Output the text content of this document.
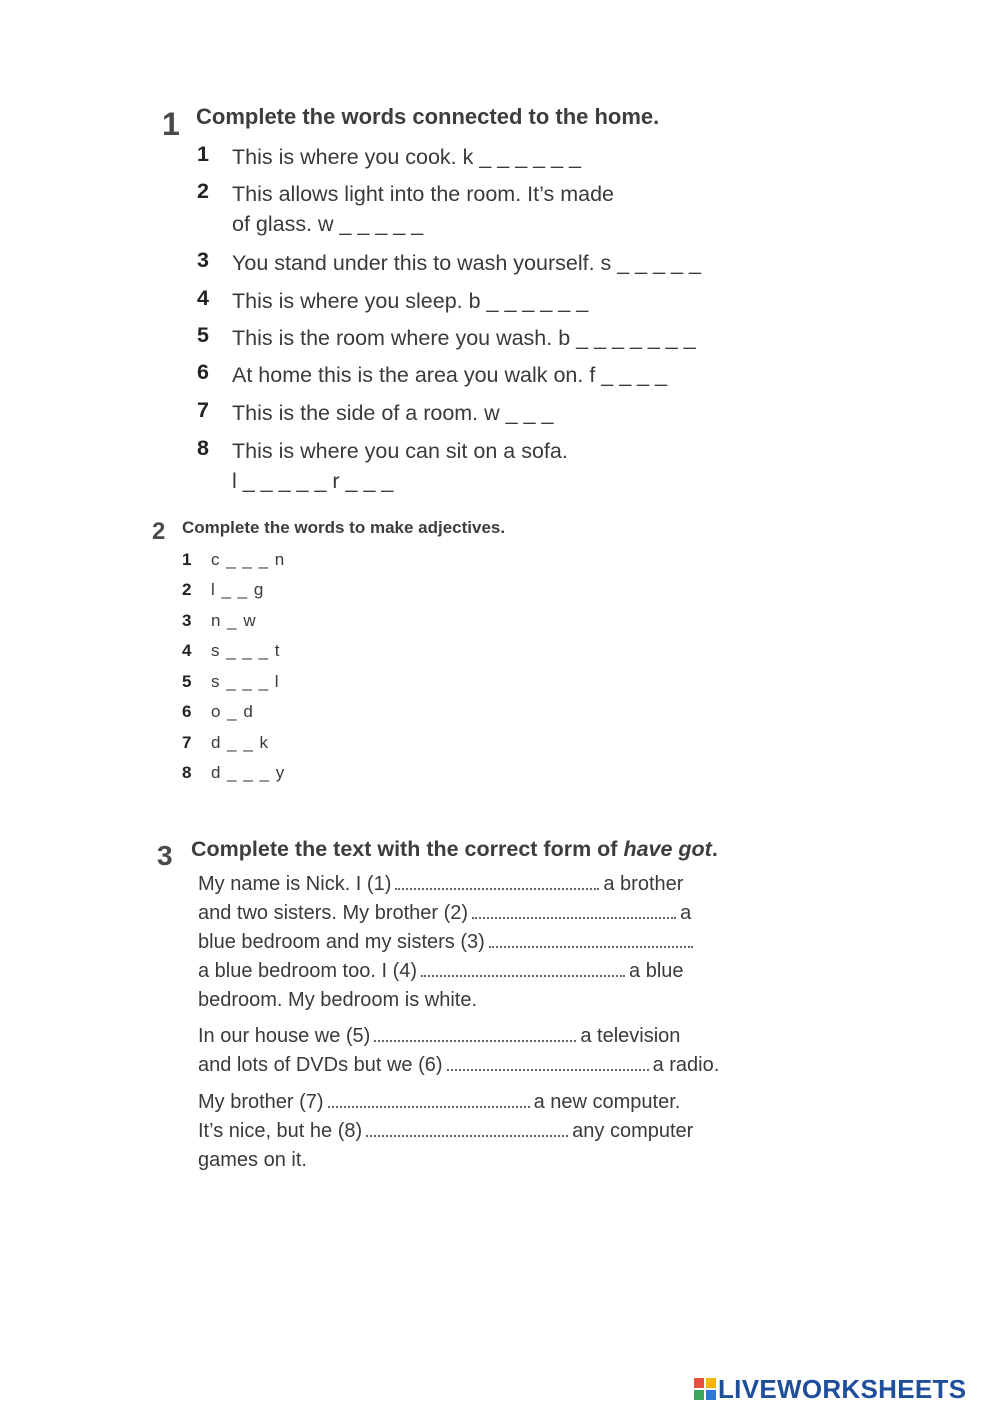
1 Complete the words connected to the home.
1 This is where you cook. k _ _ _ _ _ _
2 This allows light into the room. It’s made
of glass. w _ _ _ _ _
3 You stand under this to wash yourself. s _ _ _ _ _
4 This is where you sleep. b _ _ _ _ _ _
5 This is the room where you wash. b _ _ _ _ _ _ _
6 At home this is the area you walk on. f _ _ _ _
7 This is the side of a room. w _ _ _
8 This is where you can sit on a sofa.
l _ _ _ _ _ r _ _ _
2 Complete the words to make adjectives.
1 c _ _ _ n
2 l _ _ g
3 n _ w
4 s _ _ _ t
5 s _ _ _ l
6 o _ d
7 d _ _ k
8 d _ _ _ y
3 Complete the text with the correct form of have got.
My name is Nick. I (1)	a brother
and two sisters. My brother (2)	a
blue bedroom and my sisters (3)
a blue bedroom too. I (4)	a blue
bedroom. My bedroom is white.
In our house we (5)	a television
and lots of DVDs but we (6)	a radio.
My brother (7)	a new computer.
It’s nice, but he (8)	any computer
games on it.
LIVEWORKSHEETS
